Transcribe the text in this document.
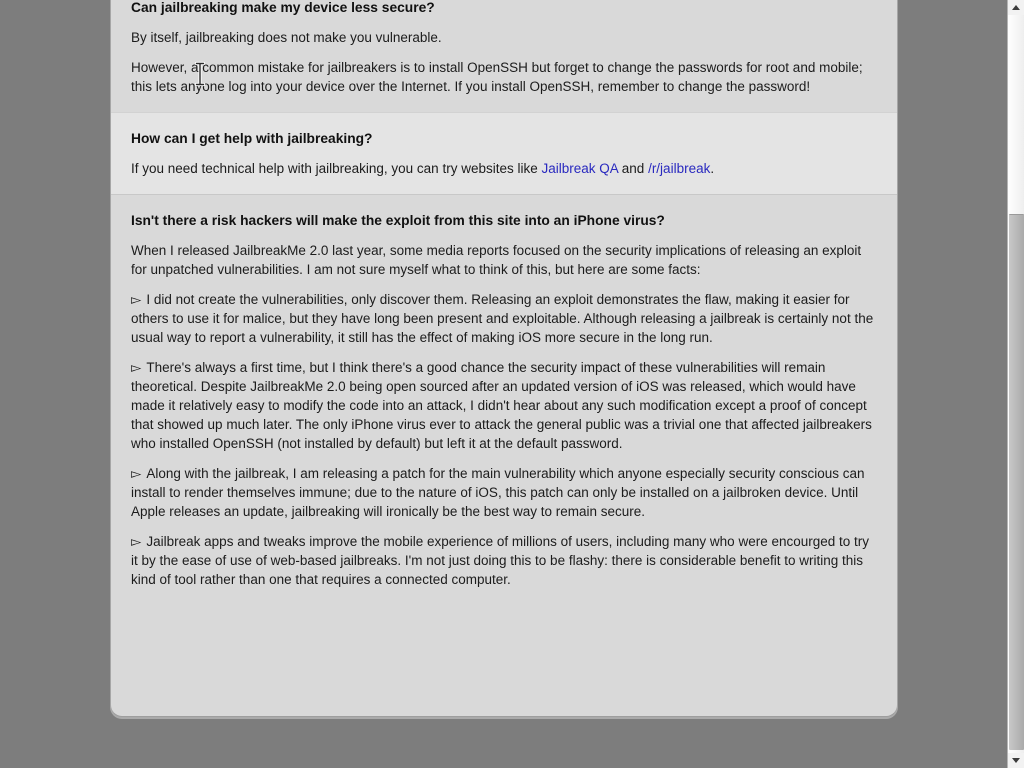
Can jailbreaking make my device less secure?

By itself, jailbreaking does not make you vulnerable.

However, a common mistake for jailbreakers is to install OpenSSH but forget to change the passwords for root and mobile; this lets anyone log into your device over the Internet. If you install OpenSSH, remember to change the password!

How can I get help with jailbreaking?

If you need technical help with jailbreaking, you can try websites like Jailbreak QA and /r/jailbreak.

Isn't there a risk hackers will make the exploit from this site into an iPhone virus?

When I released JailbreakMe 2.0 last year, some media reports focused on the security implications of releasing an exploit for unpatched vulnerabilities. I am not sure myself what to think of this, but here are some facts:

▻ I did not create the vulnerabilities, only discover them. Releasing an exploit demonstrates the flaw, making it easier for others to use it for malice, but they have long been present and exploitable. Although releasing a jailbreak is certainly not the usual way to report a vulnerability, it still has the effect of making iOS more secure in the long run.

▻ There's always a first time, but I think there's a good chance the security impact of these vulnerabilities will remain theoretical. Despite JailbreakMe 2.0 being open sourced after an updated version of iOS was released, which would have made it relatively easy to modify the code into an attack, I didn't hear about any such modification except a proof of concept that showed up much later. The only iPhone virus ever to attack the general public was a trivial one that affected jailbreakers who installed OpenSSH (not installed by default) but left it at the default password.

▻ Along with the jailbreak, I am releasing a patch for the main vulnerability which anyone especially security conscious can install to render themselves immune; due to the nature of iOS, this patch can only be installed on a jailbroken device. Until Apple releases an update, jailbreaking will ironically be the best way to remain secure.

▻ Jailbreak apps and tweaks improve the mobile experience of millions of users, including many who were encourged to try it by the ease of use of web-based jailbreaks. I'm not just doing this to be flashy: there is considerable benefit to writing this kind of tool rather than one that requires a connected computer.
